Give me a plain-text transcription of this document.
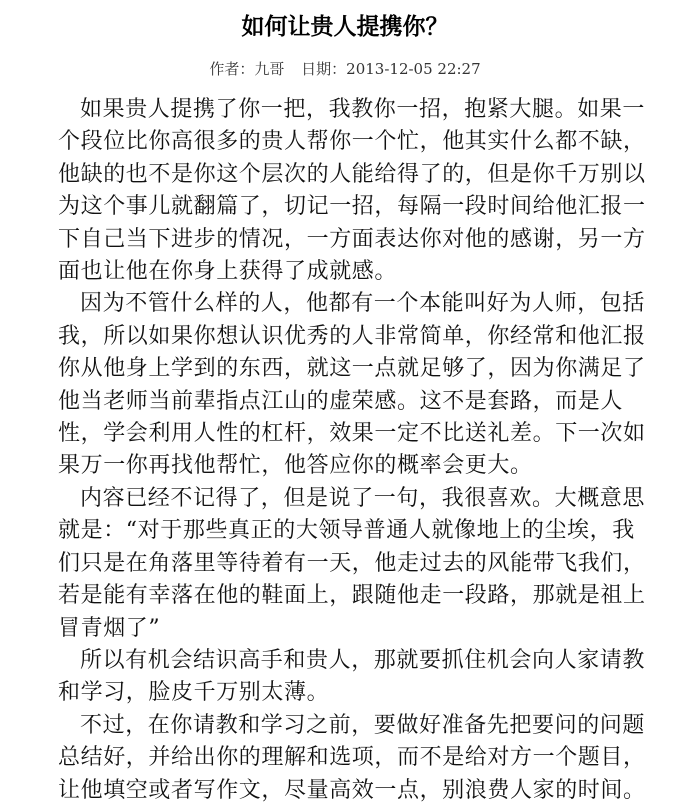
如何让贵人提携你？
作者：九哥 日期：2013-12-05 22:27

如果贵人提携了你一把，我教你一招，抱紧大腿。如果一个段位比你高很多的贵人帮你一个忙，他其实什么都不缺，他缺的也不是你这个层次的人能给得了的，但是你千万别以为这个事儿就翻篇了，切记一招，每隔一段时间给他汇报一下自己当下进步的情况，一方面表达你对他的感谢，另一方面也让他在你身上获得了成就感。

因为不管什么样的人，他都有一个本能叫好为人师，包括我，所以如果你想认识优秀的人非常简单，你经常和他汇报你从他身上学到的东西，就这一点就足够了，因为你满足了他当老师当前辈指点江山的虚荣感。这不是套路，而是人性，学会利用人性的杠杆，效果一定不比送礼差。下一次如果万一你再找他帮忙，他答应你的概率会更大。

内容已经不记得了，但是说了一句，我很喜欢。大概意思就是：“对于那些真正的大领导普通人就像地上的尘埃，我们只是在角落里等待着有一天，他走过去的风能带飞我们，若是能有幸落在他的鞋面上，跟随他走一段路，那就是祖上冒青烟了”

所以有机会结识高手和贵人，那就要抓住机会向人家请教和学习，脸皮千万别太薄。

不过，在你请教和学习之前，要做好准备先把要问的问题总结好，并给出你的理解和选项，而不是给对方一个题目，让他填空或者写作文，尽量高效一点，别浪费人家的时间。
